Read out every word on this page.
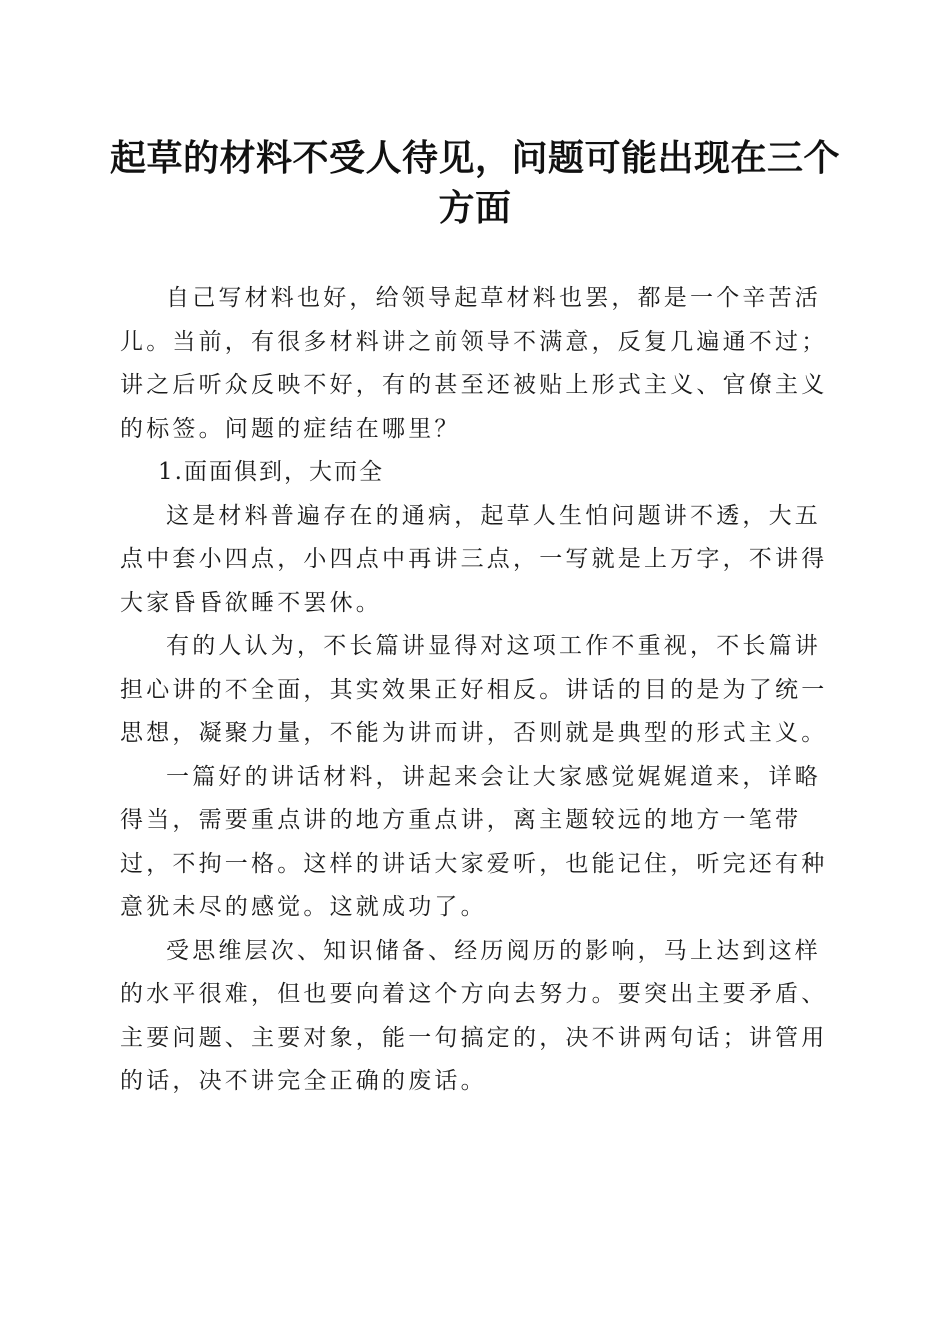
起草的材料不受人待见，问题可能出现在三个方面

自己写材料也好，给领导起草材料也罢，都是一个辛苦活儿。当前，有很多材料讲之前领导不满意，反复几遍通不过；讲之后听众反映不好，有的甚至还被贴上形式主义、官僚主义的标签。问题的症结在哪里？

1.面面俱到，大而全

这是材料普遍存在的通病，起草人生怕问题讲不透，大五点中套小四点，小四点中再讲三点，一写就是上万字，不讲得大家昏昏欲睡不罢休。

有的人认为，不长篇讲显得对这项工作不重视，不长篇讲担心讲的不全面，其实效果正好相反。讲话的目的是为了统一思想，凝聚力量，不能为讲而讲，否则就是典型的形式主义。

一篇好的讲话材料，讲起来会让大家感觉娓娓道来，详略得当，需要重点讲的地方重点讲，离主题较远的地方一笔带过，不拘一格。这样的讲话大家爱听，也能记住，听完还有种意犹未尽的感觉。这就成功了。

受思维层次、知识储备、经历阅历的影响，马上达到这样的水平很难，但也要向着这个方向去努力。要突出主要矛盾、主要问题、主要对象，能一句搞定的，决不讲两句话；讲管用的话，决不讲完全正确的废话。
